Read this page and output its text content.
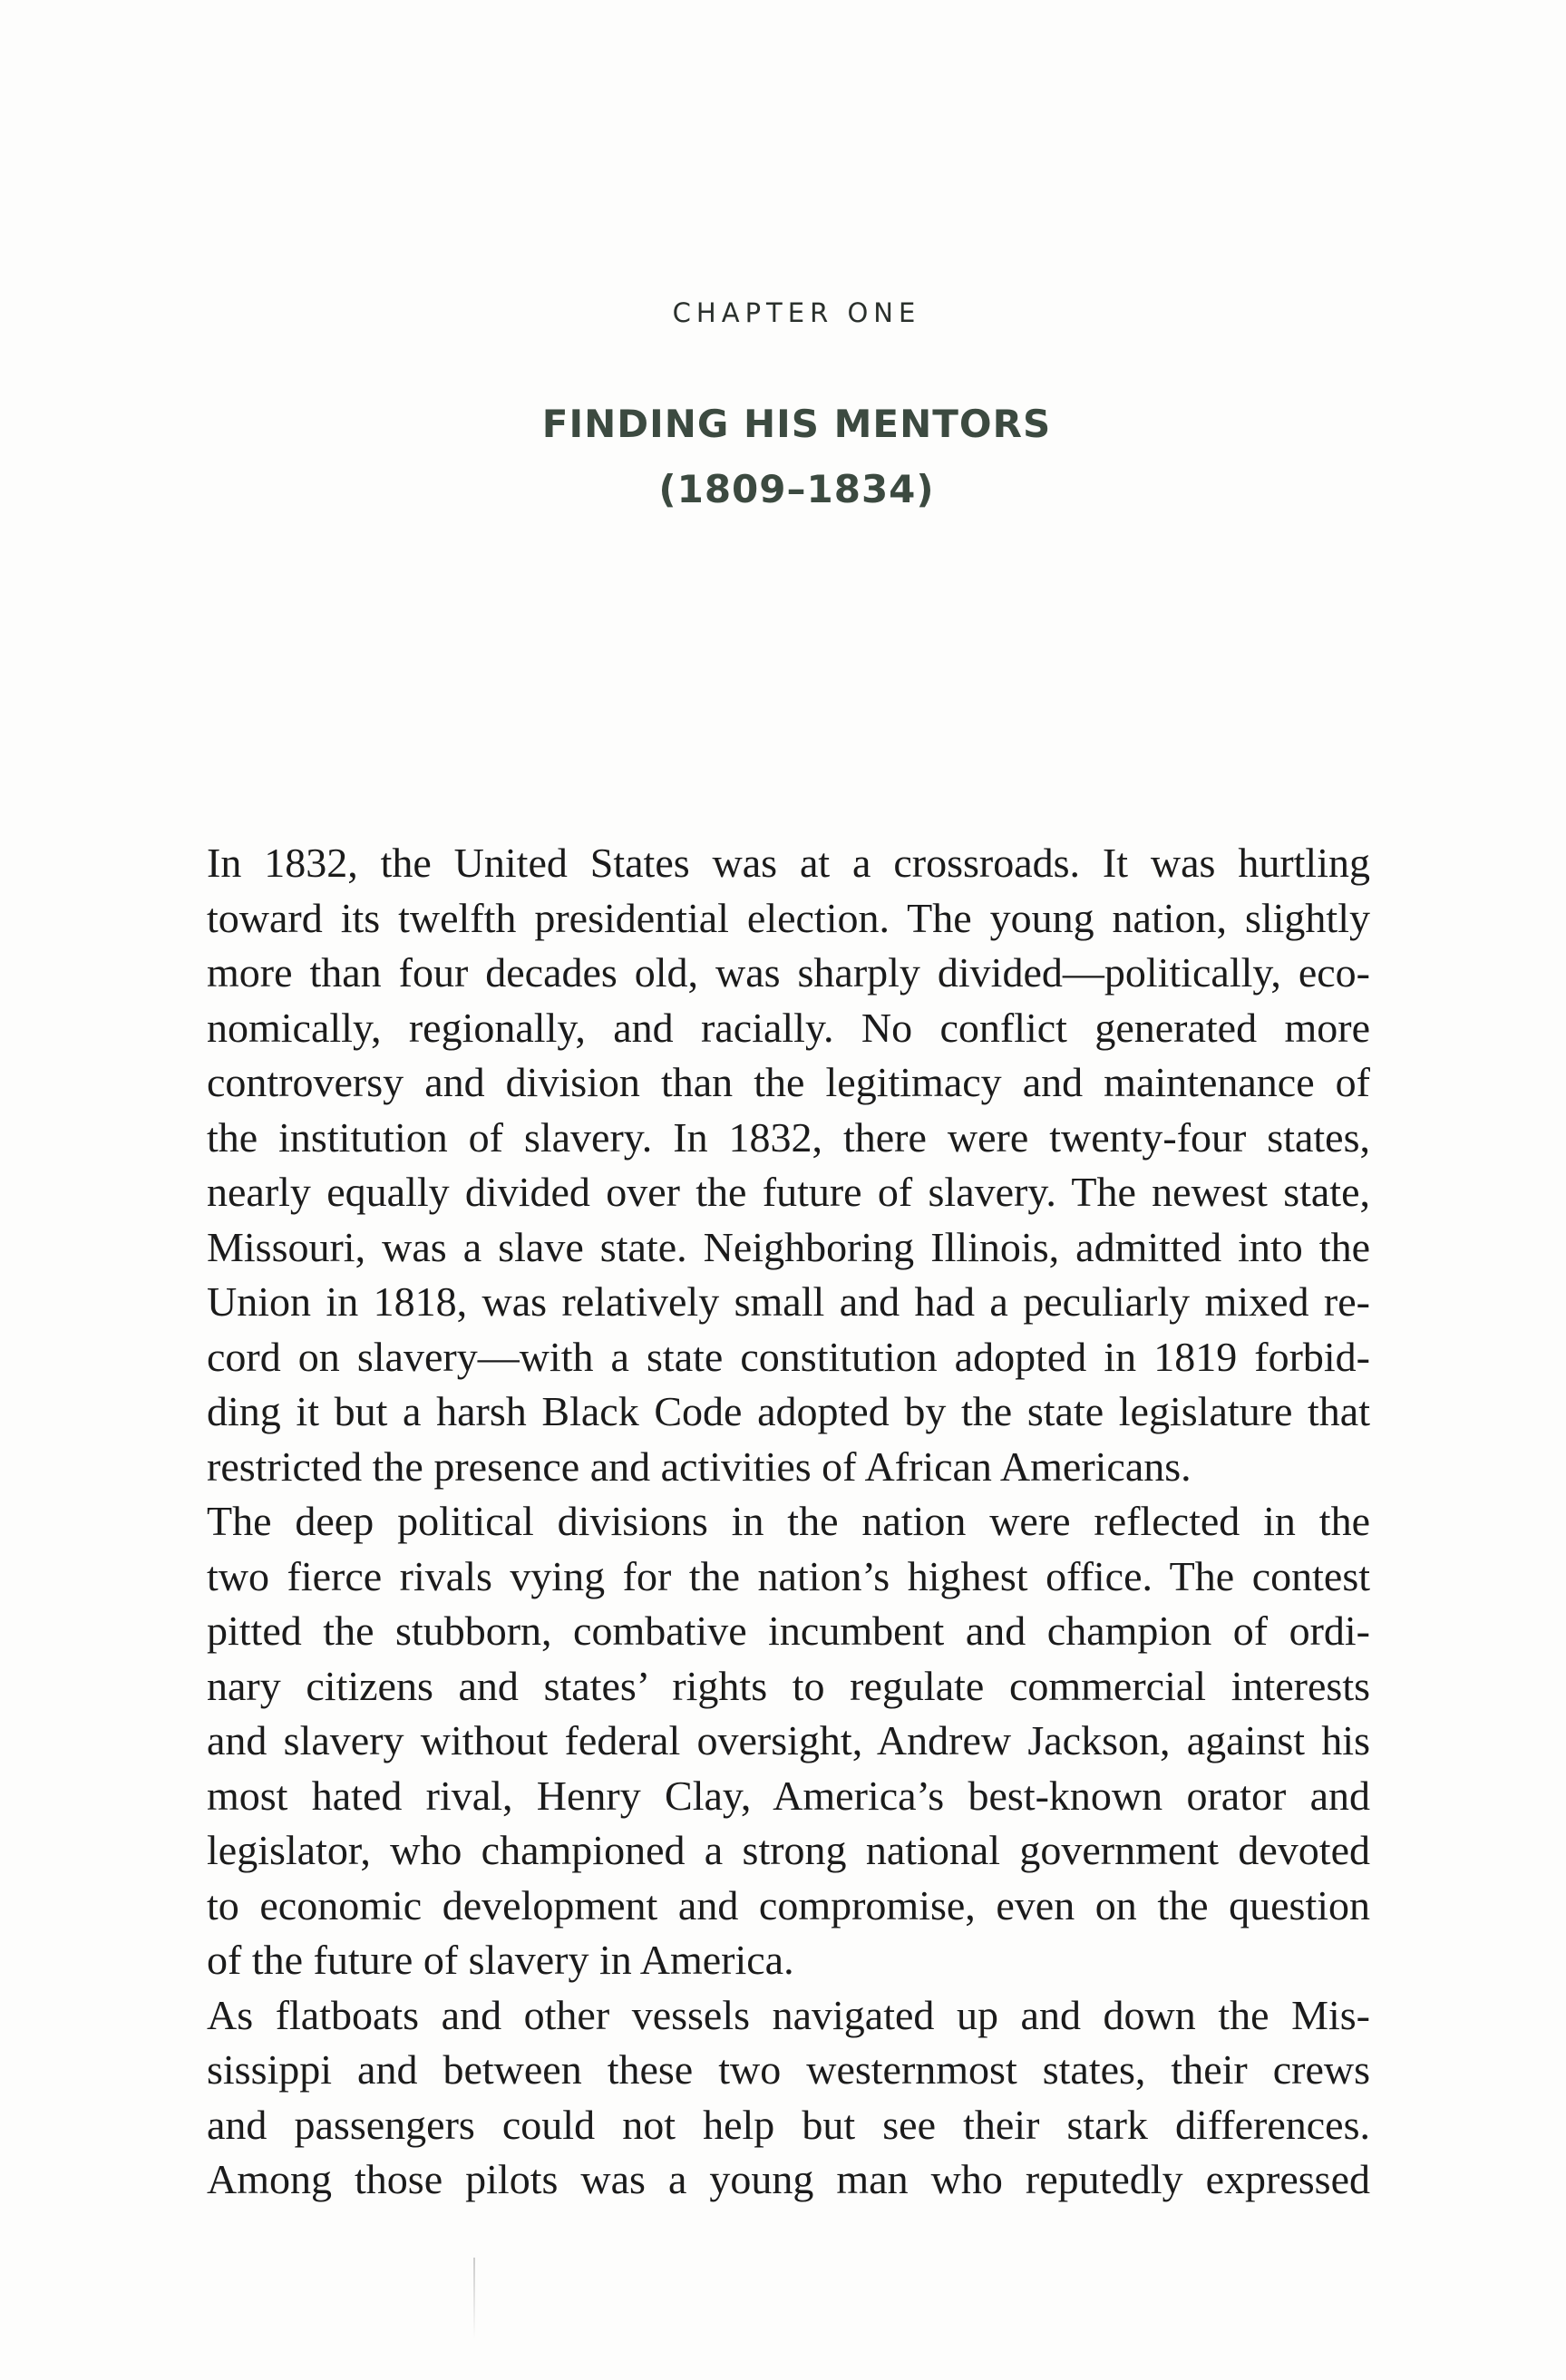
CHAPTER ONE
FINDING HIS MENTORS
(1809–1834)
In 1832, the United States was at a crossroads. It was hurtling
toward its twelfth presidential election. The young nation, slightly
more than four decades old, was sharply divided—politically, eco-
nomically, regionally, and racially. No conflict generated more
controversy and division than the legitimacy and maintenance of
the institution of slavery. In 1832, there were twenty-four states,
nearly equally divided over the future of slavery. The newest state,
Missouri, was a slave state. Neighboring Illinois, admitted into the
Union in 1818, was relatively small and had a peculiarly mixed re-
cord on slavery—with a state constitution adopted in 1819 forbid-
ding it but a harsh Black Code adopted by the state legislature that
restricted the presence and activities of African Americans.
The deep political divisions in the nation were reflected in the
two fierce rivals vying for the nation’s highest office. The contest
pitted the stubborn, combative incumbent and champion of ordi-
nary citizens and states’ rights to regulate commercial interests
and slavery without federal oversight, Andrew Jackson, against his
most hated rival, Henry Clay, America’s best-known orator and
legislator, who championed a strong national government devoted
to economic development and compromise, even on the question
of the future of slavery in America.
As flatboats and other vessels navigated up and down the Mis-
sissippi and between these two westernmost states, their crews
and passengers could not help but see their stark differences.
Among those pilots was a young man who reputedly expressed
